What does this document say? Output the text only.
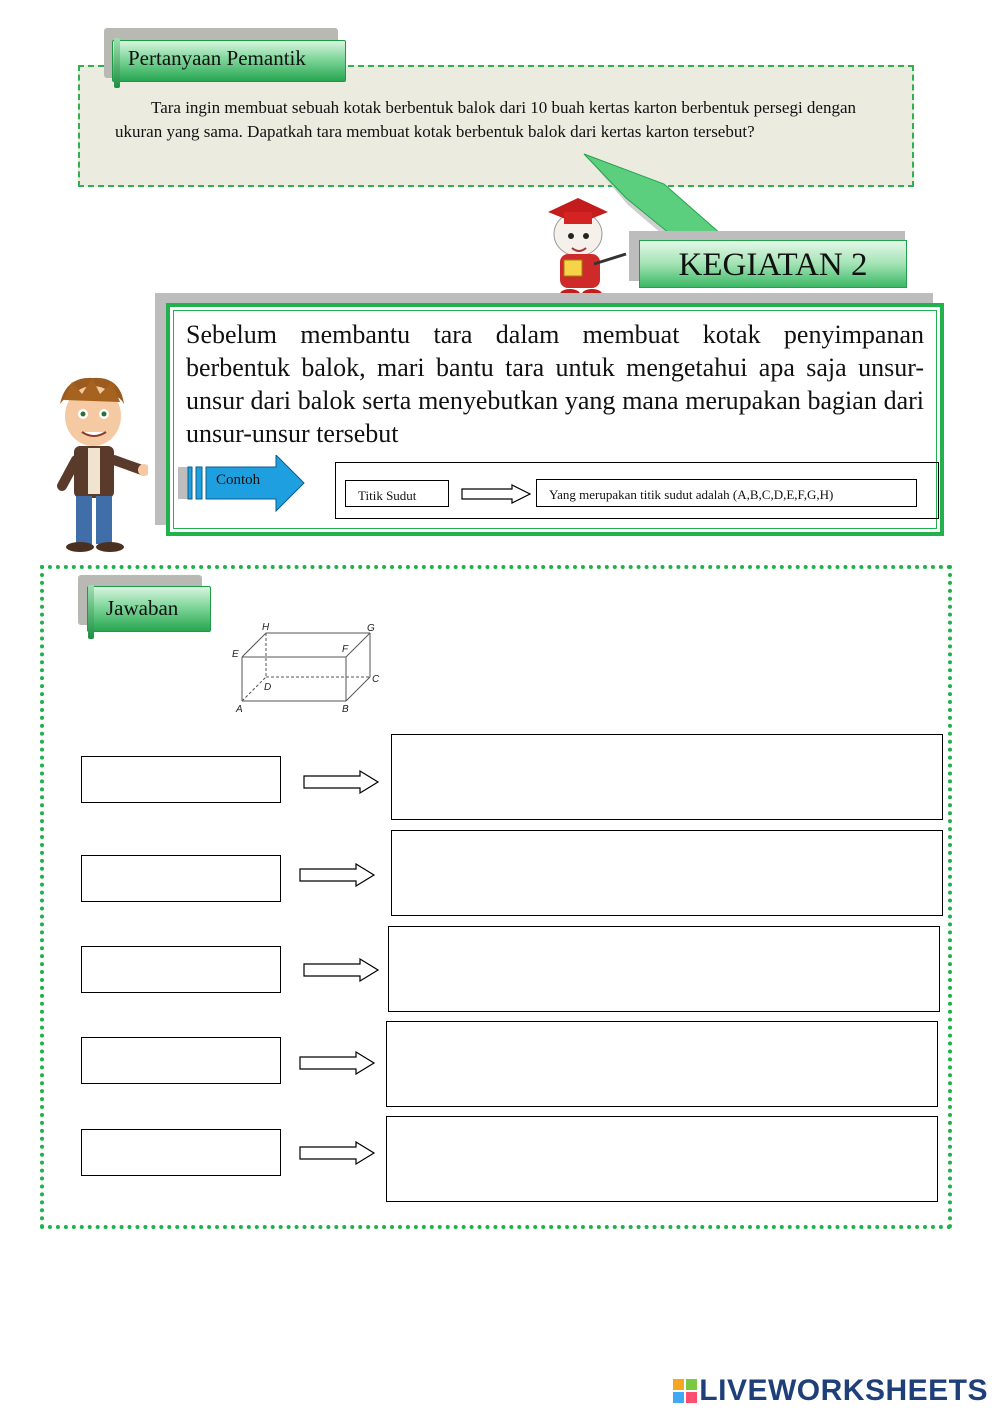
Pertanyaan Pemantik

Tara ingin membuat sebuah kotak berbentuk balok dari 10 buah kertas karton berbentuk persegi dengan ukuran yang sama. Dapatkah tara membuat kotak berbentuk balok dari kertas karton tersebut?

KEGIATAN 2

Sebelum membantu tara dalam membuat kotak penyimpanan berbentuk balok, mari bantu tara untuk mengetahui apa saja unsur-unsur dari balok serta menyebutkan yang mana merupakan bagian dari unsur-unsur tersebut

Contoh
Titik Sudut	Yang merupakan titik sudut adalah (A,B,C,D,E,F,G,H)
Jawaban
A	B
C
D
E	F
G
H
LIVEWORKSHEETS
